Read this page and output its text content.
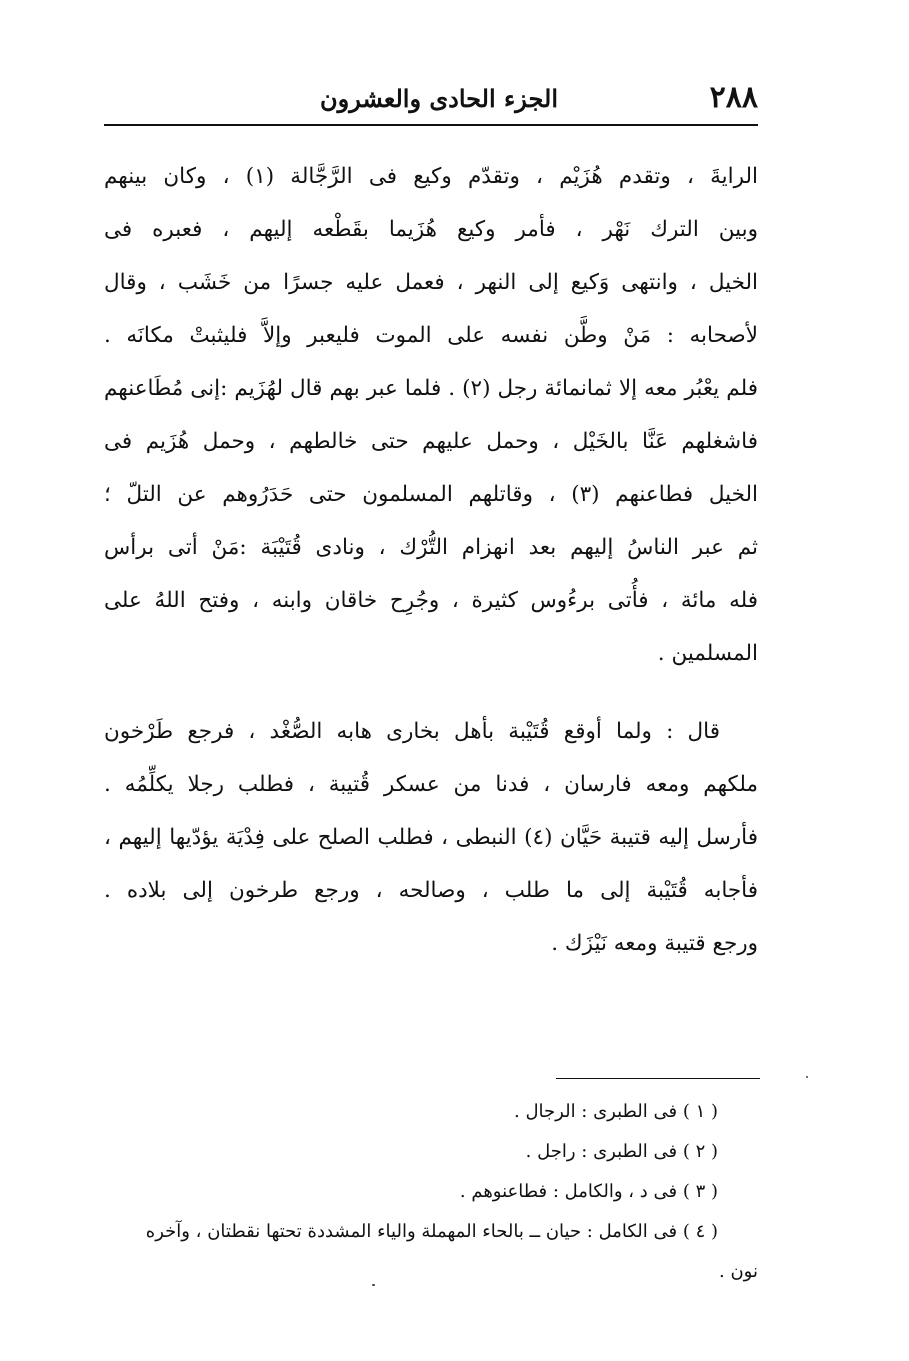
٢٨٨
الجزء الحادى والعشرون
الرايةَ ، وتقدم هُزَيْم ، وتقدّم وكيع فى الرَّجَّالة (١) ، وكان بينهم
وبين الترك نَهْر ، فأمر وكيع هُزَيما بقَطْعه إليهم ، فعبره فى
الخيل ، وانتهى وَكيع إلى النهر ، فعمل عليه جسرًا من خَشَب ، وقال
لأصحابه : مَنْ وطَّن نفسه على الموت فليعبر وإلاَّ فليثبتْ مكانَه .
فلم يعْبُر معه إلا ثمانمائة رجل (٢) . فلما عبر بهم قال لهُزَيم :إنى مُطَاعنهم
فاشغلهم عَنَّا بالخَيْل ، وحمل عليهم حتى خالطهم ، وحمل هُزَيم فى
الخيل فطاعنهم (٣) ، وقاتلهم المسلمون حتى حَدَرُوهم عن التلّ ؛
ثم عبر الناسُ إليهم بعد انهزام التُّرْك ، ونادى قُتَيْبَة :مَنْ أتى برأس
فله مائة ، فأُتى برءُوس كثيرة ، وجُرِح خاقان وابنه ، وفتح اللهُ على
المسلمين .
قال : ولما أوقع قُتَيْبة بأهل بخارى هابه الصُّغْد ، فرجع طَرْخون
ملكهم ومعه فارسان ، فدنا من عسكر قُتيبة ، فطلب رجلا يكلِّمُه .
فأرسل إليه قتيبة حَيَّان (٤) النبطى ، فطلب الصلح على فِدْيَة يؤدّيها إليهم ،
فأجابه قُتَيْبة إلى ما طلب ، وصالحه ، ورجع طرخون إلى بلاده .
ورجع قتيبة ومعه نَيْزَك .
( ١ ) فى الطبرى : الرجال .
( ٢ ) فى الطبرى : راجل .
( ٣ ) فى د ، والكامل : فطاعنوهم .
( ٤ ) فى الكامل : حيان ــ بالحاء المهملة والياء المشددة تحتها نقطتان ، وآخره
نون .
